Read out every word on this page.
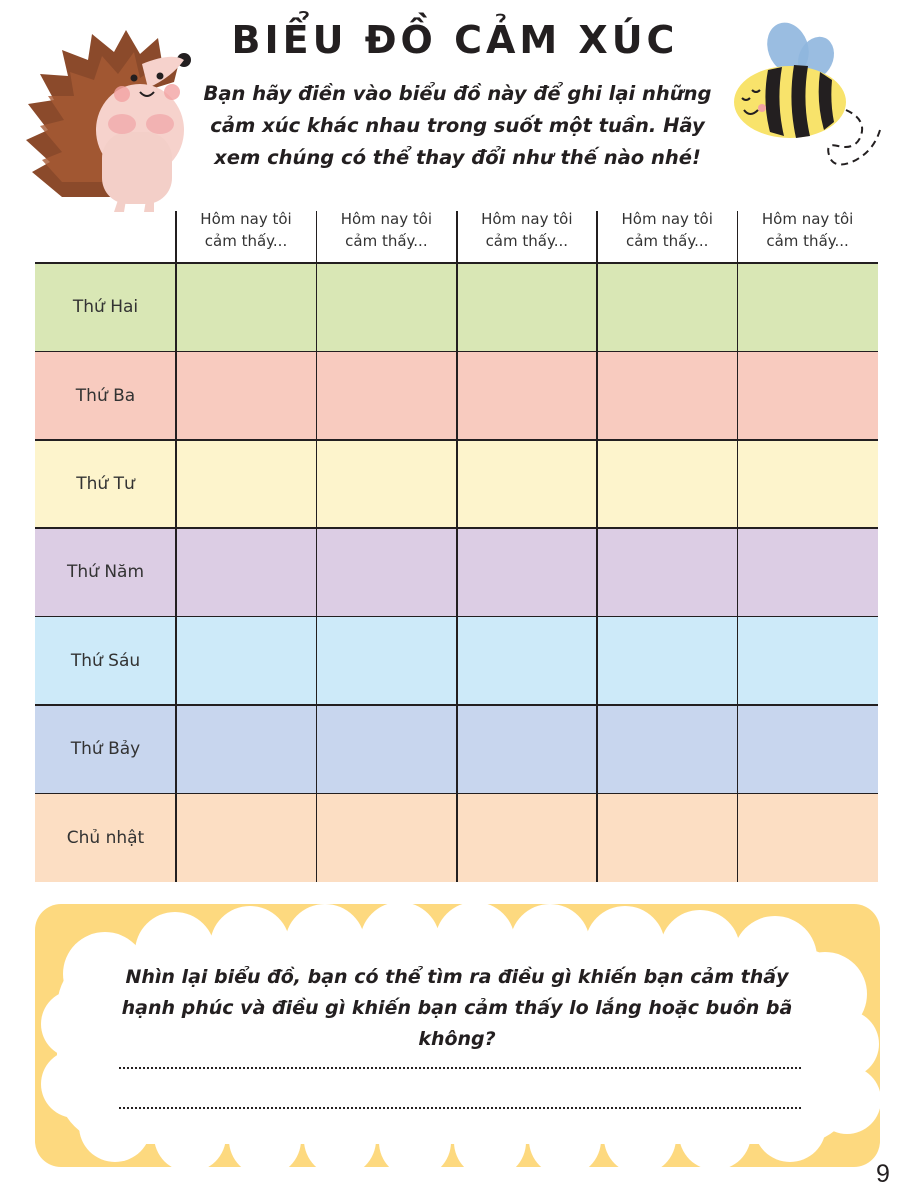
BIỂU ĐỒ CẢM XÚC
Bạn hãy điền vào biểu đồ này để ghi lại những
cảm xúc khác nhau trong suốt một tuần. Hãy
xem chúng có thể thay đổi như thế nào nhé!
Hôm nay tôi
cảm thấy...
Hôm nay tôi
cảm thấy...
Hôm nay tôi
cảm thấy...
Hôm nay tôi
cảm thấy...
Hôm nay tôi
cảm thấy...
Thứ Hai
Thứ Ba
Thứ Tư
Thứ Năm
Thứ Sáu
Thứ Bảy
Chủ nhật
Nhìn lại biểu đồ, bạn có thể tìm ra điều gì khiến bạn cảm thấy
hạnh phúc và điều gì khiến bạn cảm thấy lo lắng hoặc buồn bã không?
9
